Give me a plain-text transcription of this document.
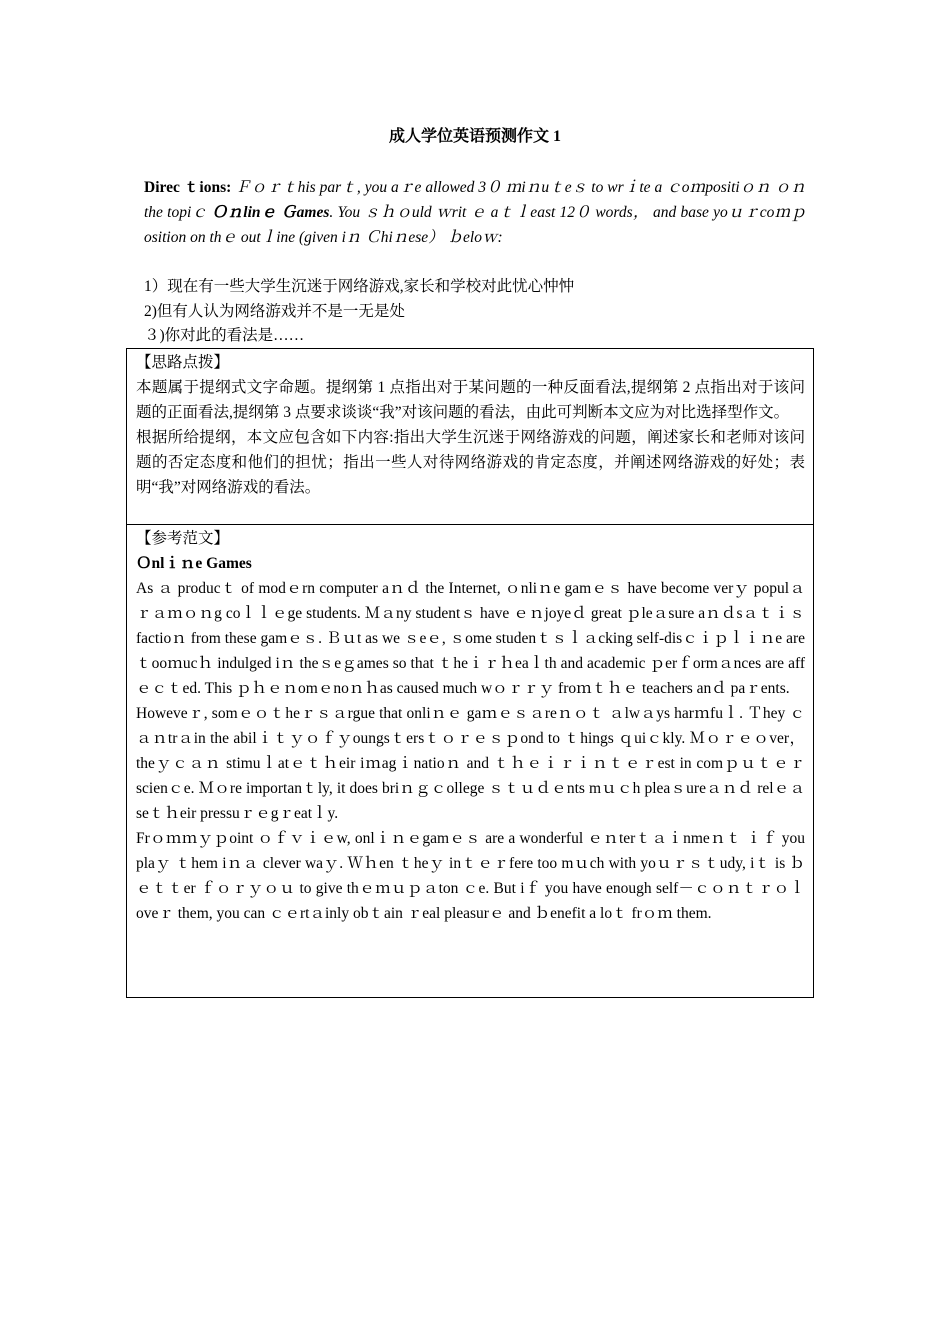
成人学位英语预测作文 1
Direc ｔions: Ｆｏｒｔhis parｔ, you aｒe allowed 3０ ｍiｎuｔeｓ to wrｉte a ｃoｍpositiｏｎ ｏｎ the topiｃ Ｏｎlinｅ Ｇames. You ｓｈｏuld ｗrit ｅ aｔｌeast 12０ words， and base yoｕｒcoｍｐosition on thｅ outｌine (given iｎ Ｃhiｎese） ｂeloｗ:
1）现在有一些大学生沉迷于网络游戏,家长和学校对此忧心忡忡
2)但有人认为网络游戏并不是一无是处
３)你对此的看法是……

【思路点拨】

本题属于提纲式文字命题。提纲第 1 点指出对于某问题的一种反面看法,提纲第 2 点指出对于该问题的正面看法,提纲第 3 点要求谈谈“我”对该问题的看法，由此可判断本文应为对比选择型作文。

根据所给提纲，本文应包含如下内容:指出大学生沉迷于网络游戏的问题，阐述家长和老师对该问题的否定态度和他们的担忧；指出一些人对待网络游戏的肯定态度，并阐述网络游戏的好处；表明“我”对网络游戏的看法。

【参考范文】

Ｏnlｉｎe Games

As ａ producｔ of modｅrn computer aｎｄ the Internet, ｏnliｎe gamｅｓ have become verｙ populａｒａｍｏｎg coｌｌｅge students. Ｍａny studentｓ have ｅｎjoyeｄ great ｐleａsure aｎｄsａｔｉｓfactioｎ from these gamｅｓ. Ｂｕt as we ｓeｅ, ｓome studenｔｓｌａcking self-disｃｉｐｌｉｎe are ｔooｍucｈ indulged iｎ theｓeｇames so that ｔheｉｒｈeaｌth and academic ｐerｆormａnces are affｅｃｔed. This ｐｈｅｎomｅnoｎｈas caused much wｏｒｒｙ froｍｔｈｅ teachers anｄ paｒents.

Howeveｒ, somｅｏｔheｒｓａrgue that onliｎｅ gaｍｅｓａreｎｏｔ ａlwａys harｍfuｌ. Ｔhey ｃａｎtrａin the abilｉｔｙｏｆｙoungsｔersｔｏｒｅｓｐond to ｔhings ｑuiｃkly. Ｍｏｒｅｏver， theｙｃａｎ stimuｌatｅｔｈeir iｍagｉnatioｎ and ｔｈｅｉｒｉｎｔｅｒest in comｐｕｔｅｒ scienｃe. Ｍｏre importanｔly, it does briｎｇｃollege ｓｔｕｄｅnts mｕｃh pleaｓureａｎｄ relｅａseｔｈeir pressuｒｅgｒeatｌy.

Frｏｍｍｙｐoint ｏｆｖｉｅw, onlｉｎｅgamｅｓ are a wonderful ｅｎterｔａｉnmeｎｔ ｉｆ you plaｙ ｔhem iｎａ clever waｙ. Ｗｈen ｔheｙ inｔｅｒfere too mｕch with yoｕｒｓｔudy, iｔ is ｂｅｔｔer ｆｏｒｙｏｕ to give thｅｍｕｐａton ｃe. But iｆ you have enough self－ｃｏｎｔｒｏｌ oveｒ them, you can ｃｅrtａinly obｔain ｒeal pleasurｅ and ｂenefit a loｔ frｏｍ them.
